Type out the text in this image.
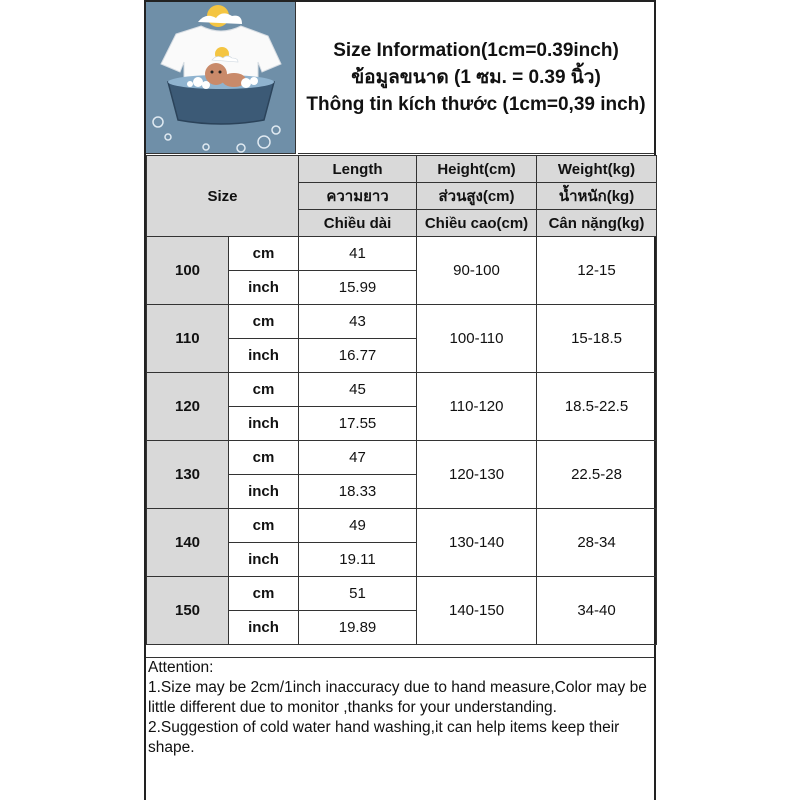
Size Information(1cm=0.39inch)
ข้อมูลขนาด (1 ซม. = 0.39 นิ้ว)
Thông tin kích thước (1cm=0,39 inch)
Size		Length	Height(cm)	Weight(kg)
		ความยาว	ส่วนสูง(cm)	น้ำหนัก(kg)
		Chiều dài	Chiều cao(cm)	Cân nặng(kg)
100	cm	41	90-100	12-15
	inch	15.99		
110	cm	43	100-110	15-18.5
	inch	16.77		
120	cm	45	110-120	18.5-22.5
	inch	17.55		
130	cm	47	120-130	22.5-28
	inch	18.33		
140	cm	49	130-140	28-34
	inch	19.11		
150	cm	51	140-150	34-40
	inch	19.89		

Attention:

1.Size may be 2cm/1inch inaccuracy due to hand measure,Color may be little different due to monitor ,thanks for your understanding.

2.Suggestion of cold water hand washing,it can help items keep their shape.
